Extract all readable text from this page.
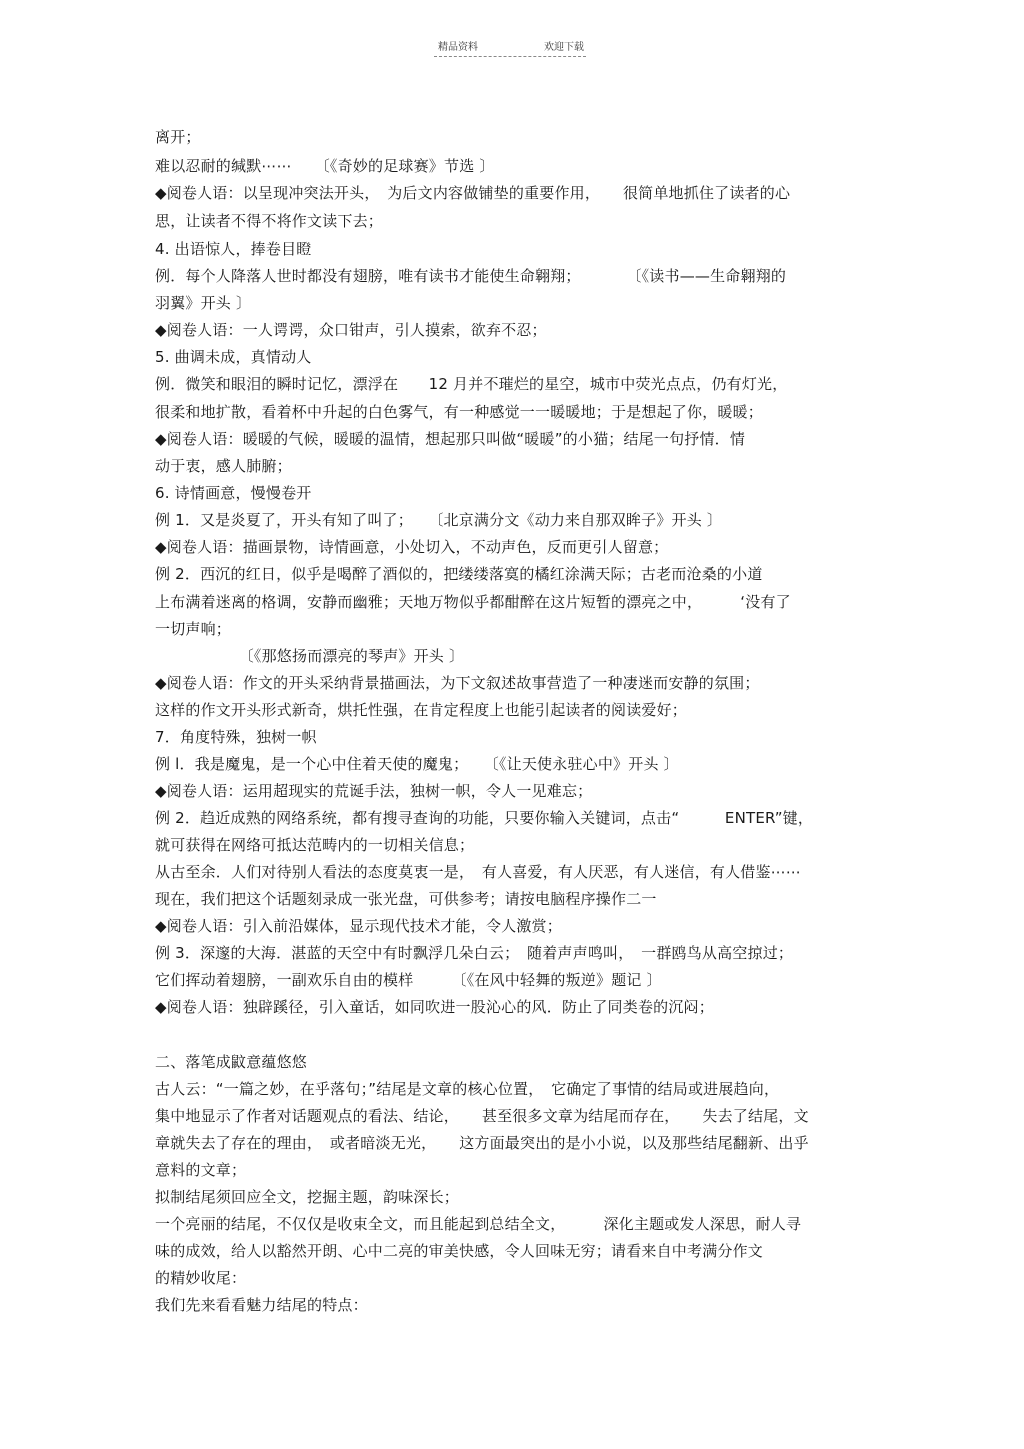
精品资料	欢迎下载
离开；
难以忍耐的缄默⋯⋯　　〔《奇妙的足球赛》节选 〕
◆阅卷人语：以呈现冲突法开头，　为后文内容做铺垫的重要作用，　　很简单地抓住了读者的心
思，让读者不得不将作文读下去；
4. 出语惊人，捧卷目瞪
例．每个人降落人世时都没有翅膀，唯有读书才能使生命翱翔；　　　　〔《读书——生命翱翔的
羽翼》开头 〕
◆阅卷人语：一人谔谔，众口钳声，引人摸索，欲弃不忍；
5. 曲调未成，真情动人
例．微笑和眼泪的瞬时记忆，漂浮在　　12 月并不璀烂的星空，城市中荧光点点，仍有灯光，
很柔和地扩散，看着杯中升起的白色雾气，有一种感觉一一暖暖地；于是想起了你，暖暖；
◆阅卷人语：暖暖的气候，暖暖的温情，想起那只叫做“暖暖”的小猫；结尾一句抒情．情
动于衷，感人肺腑；
6. 诗情画意，慢慢卷开
例 1．又是炎夏了，开头有知了叫了；　　〔北京满分文《动力来自那双眸子》开头 〕
◆阅卷人语：描画景物，诗情画意，小处切入，不动声色，反而更引人留意；
例 2．西沉的红日，似乎是喝醉了酒似的，把缕缕落寞的橘红涂满天际；古老而沧桑的小道
上布满着迷离的格调，安静而幽雅；天地万物似乎都酣醉在这片短暂的漂亮之中，　　　‘没有了
一切声响；
　　　　　　〔《那悠扬而漂亮的琴声》开头 〕
◆阅卷人语：作文的开头采纳背景描画法，为下文叙述故事营造了一种凄迷而安静的氛围；
这样的作文开头形式新奇，烘托性强，在肯定程度上也能引起读者的阅读爱好；
7．角度特殊，独树一帜
例 l．我是魔鬼，是一个心中住着天使的魔鬼；　　〔《让天使永驻心中》开头 〕
◆阅卷人语：运用超现实的荒诞手法，独树一帜，令人一见难忘；
例 2．趋近成熟的网络系统，都有搜寻查询的功能，只要你输入关键词，点击“　　　ENTER”键，
就可获得在网络可抵达范畴内的一切相关信息；
从古至余．人们对待别人看法的态度莫衷一是，　有人喜爱，有人厌恶，有人迷信，有人借鉴⋯⋯
现在，我们把这个话题刻录成一张光盘，可供参考；请按电脑程序操作二一
◆阅卷人语：引入前沿媒体，显示现代技术才能，令人激赏；
例 3．深邃的大海．湛蓝的天空中有时飘浮几朵白云；　随着声声鸣叫，　一群鸥鸟从高空掠过；
它们挥动着翅膀，一副欢乐自由的模样　　　〔《在风中轻舞的叛逆》题记 〕
◆阅卷人语：独辟蹊径，引入童话，如同吹进一股沁心的风．防止了同类卷的沉闷；
二、落笔成鼤意蕴悠悠
古人云：“一篇之妙，在乎落句；”结尾是文章的核心位置，　它确定了事情的结局或进展趋向，
集中地显示了作者对话题观点的看法、结论，　　甚至很多文章为结尾而存在，　　失去了结尾，文
章就失去了存在的理由，　或者暗淡无光，　　这方面最突出的是小小说，以及那些结尾翻新、出乎
意料的文章；
拟制结尾须回应全文，挖掘主题，韵味深长；
一个亮丽的结尾，不仅仅是收束全文，而且能起到总结全文，　　　深化主题或发人深思，耐人寻
味的成效，给人以豁然开朗、心中二亮的审美快感，令人回味无穷；请看来自中考满分作文
的精妙收尾：
我们先来看看魅力结尾的特点：
